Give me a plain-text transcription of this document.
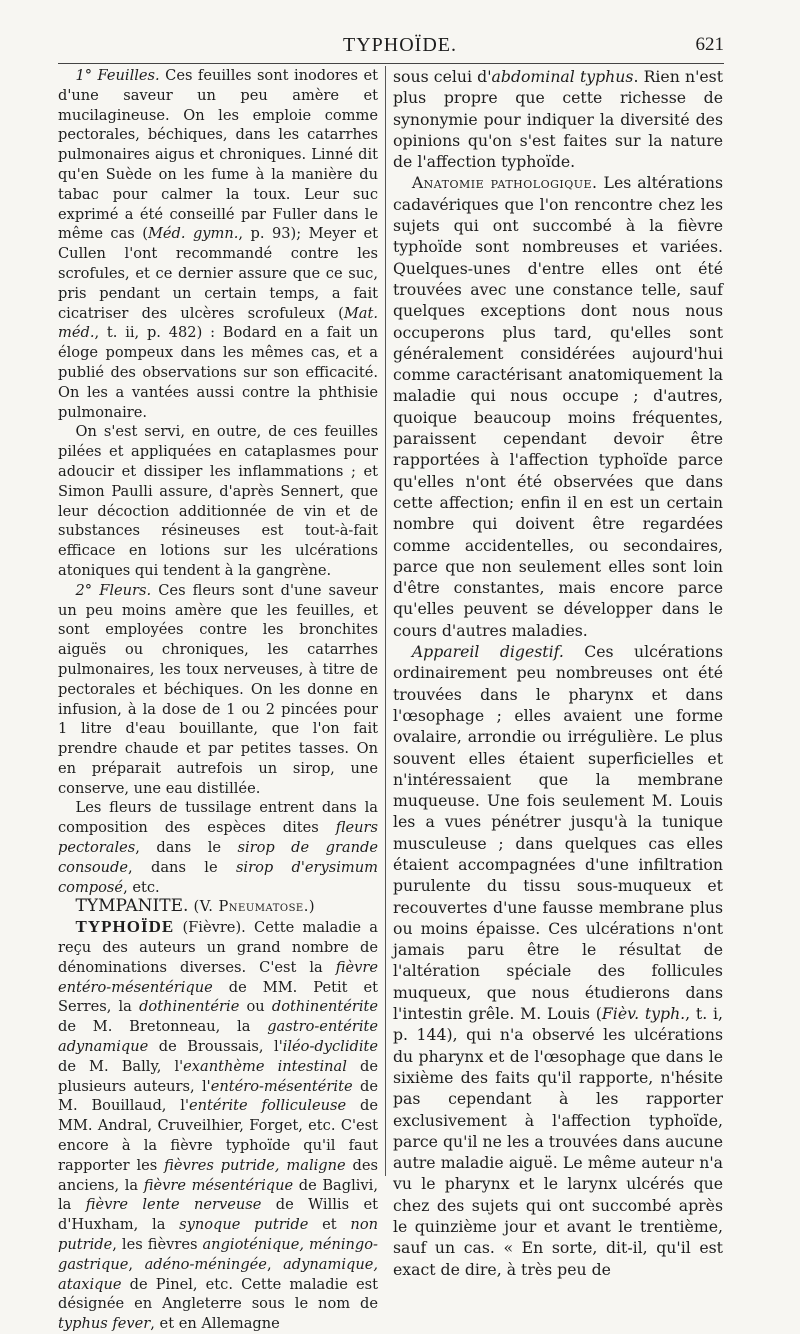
TYPHOÏDE.	621

1° Feuilles. Ces feuilles sont inodores et d'une saveur un peu amère et mucilagineuse. On les emploie comme pectorales, béchiques, dans les catarrhes pulmonaires aigus et chroniques. Linné dit qu'en Suède on les fume à la manière du tabac pour calmer la toux. Leur suc exprimé a été conseillé par Fuller dans le même cas (Méd. gymn., p. 93); Meyer et Cullen l'ont recommandé contre les scrofules, et ce dernier assure que ce suc, pris pendant un certain temps, a fait cicatriser des ulcères scrofuleux (Mat. méd., t. ii, p. 482) : Bodard en a fait un éloge pompeux dans les mêmes cas, et a publié des observations sur son efficacité. On les a vantées aussi contre la phthisie pulmonaire.

On s'est servi, en outre, de ces feuilles pilées et appliquées en cataplasmes pour adoucir et dissiper les inflammations ; et Simon Paulli assure, d'après Sennert, que leur décoction additionnée de vin et de substances résineuses est tout-à-fait efficace en lotions sur les ulcérations atoniques qui tendent à la gangrène.

2° Fleurs. Ces fleurs sont d'une saveur un peu moins amère que les feuilles, et sont employées contre les bronchites aiguës ou chroniques, les catarrhes pulmonaires, les toux nerveuses, à titre de pectorales et béchiques. On les donne en infusion, à la dose de 1 ou 2 pincées pour 1 litre d'eau bouillante, que l'on fait prendre chaude et par petites tasses. On en préparait autrefois un sirop, une conserve, une eau distillée.

Les fleurs de tussilage entrent dans la composition des espèces dites fleurs pectorales, dans le sirop de grande consoude, dans le sirop d'erysimum composé, etc.

TYMPANITE. (V. Pneumatose.)

TYPHOÏDE (Fièvre). Cette maladie a reçu des auteurs un grand nombre de dénominations diverses. C'est la fièvre entéro-mésentérique de MM. Petit et Serres, la dothinentérie ou dothinentérite de M. Bretonneau, la gastro-entérite adynamique de Broussais, l'iléo-dyclidite de M. Bally, l'exanthème intestinal de plusieurs auteurs, l'entéro-mésentérite de M. Bouillaud, l'entérite folliculeuse de MM. Andral, Cruveilhier, Forget, etc. C'est encore à la fièvre typhoïde qu'il faut rapporter les fièvres putride, maligne des anciens, la fièvre mésentérique de Baglivi, la fièvre lente nerveuse de Willis et d'Huxham, la synoque putride et non putride, les fièvres angioténique, méningo-gastrique, adéno-méningée, adynamique, ataxique de Pinel, etc. Cette maladie est désignée en Angleterre sous le nom de typhus fever, et en Allemagne

sous celui d'abdominal typhus. Rien n'est plus propre que cette richesse de synonymie pour indiquer la diversité des opinions qu'on s'est faites sur la nature de l'affection typhoïde.

Anatomie pathologique. Les altérations cadavériques que l'on rencontre chez les sujets qui ont succombé à la fièvre typhoïde sont nombreuses et variées. Quelques-unes d'entre elles ont été trouvées avec une constance telle, sauf quelques exceptions dont nous nous occuperons plus tard, qu'elles sont généralement considérées aujourd'hui comme caractérisant anatomiquement la maladie qui nous occupe ; d'autres, quoique beaucoup moins fréquentes, paraissent cependant devoir être rapportées à l'affection typhoïde parce qu'elles n'ont été observées que dans cette affection; enfin il en est un certain nombre qui doivent être regardées comme accidentelles, ou secondaires, parce que non seulement elles sont loin d'être constantes, mais encore parce qu'elles peuvent se développer dans le cours d'autres maladies.

Appareil digestif. Ces ulcérations ordinairement peu nombreuses ont été trouvées dans le pharynx et dans l'œsophage ; elles avaient une forme ovalaire, arrondie ou irrégulière. Le plus souvent elles étaient superficielles et n'intéressaient que la membrane muqueuse. Une fois seulement M. Louis les a vues pénétrer jusqu'à la tunique musculeuse ; dans quelques cas elles étaient accompagnées d'une infiltration purulente du tissu sous-muqueux et recouvertes d'une fausse membrane plus ou moins épaisse. Ces ulcérations n'ont jamais paru être le résultat de l'altération spéciale des follicules muqueux, que nous étudierons dans l'intestin grêle. M. Louis (Fièv. typh., t. i, p. 144), qui n'a observé les ulcérations du pharynx et de l'œsophage que dans le sixième des faits qu'il rapporte, n'hésite pas cependant à les rapporter exclusivement à l'affection typhoïde, parce qu'il ne les a trouvées dans aucune autre maladie aiguë. Le même auteur n'a vu le pharynx et le larynx ulcérés que chez des sujets qui ont succombé après le quinzième jour et avant le trentième, sauf un cas. « En sorte, dit-il, qu'il est exact de dire, à très peu de
